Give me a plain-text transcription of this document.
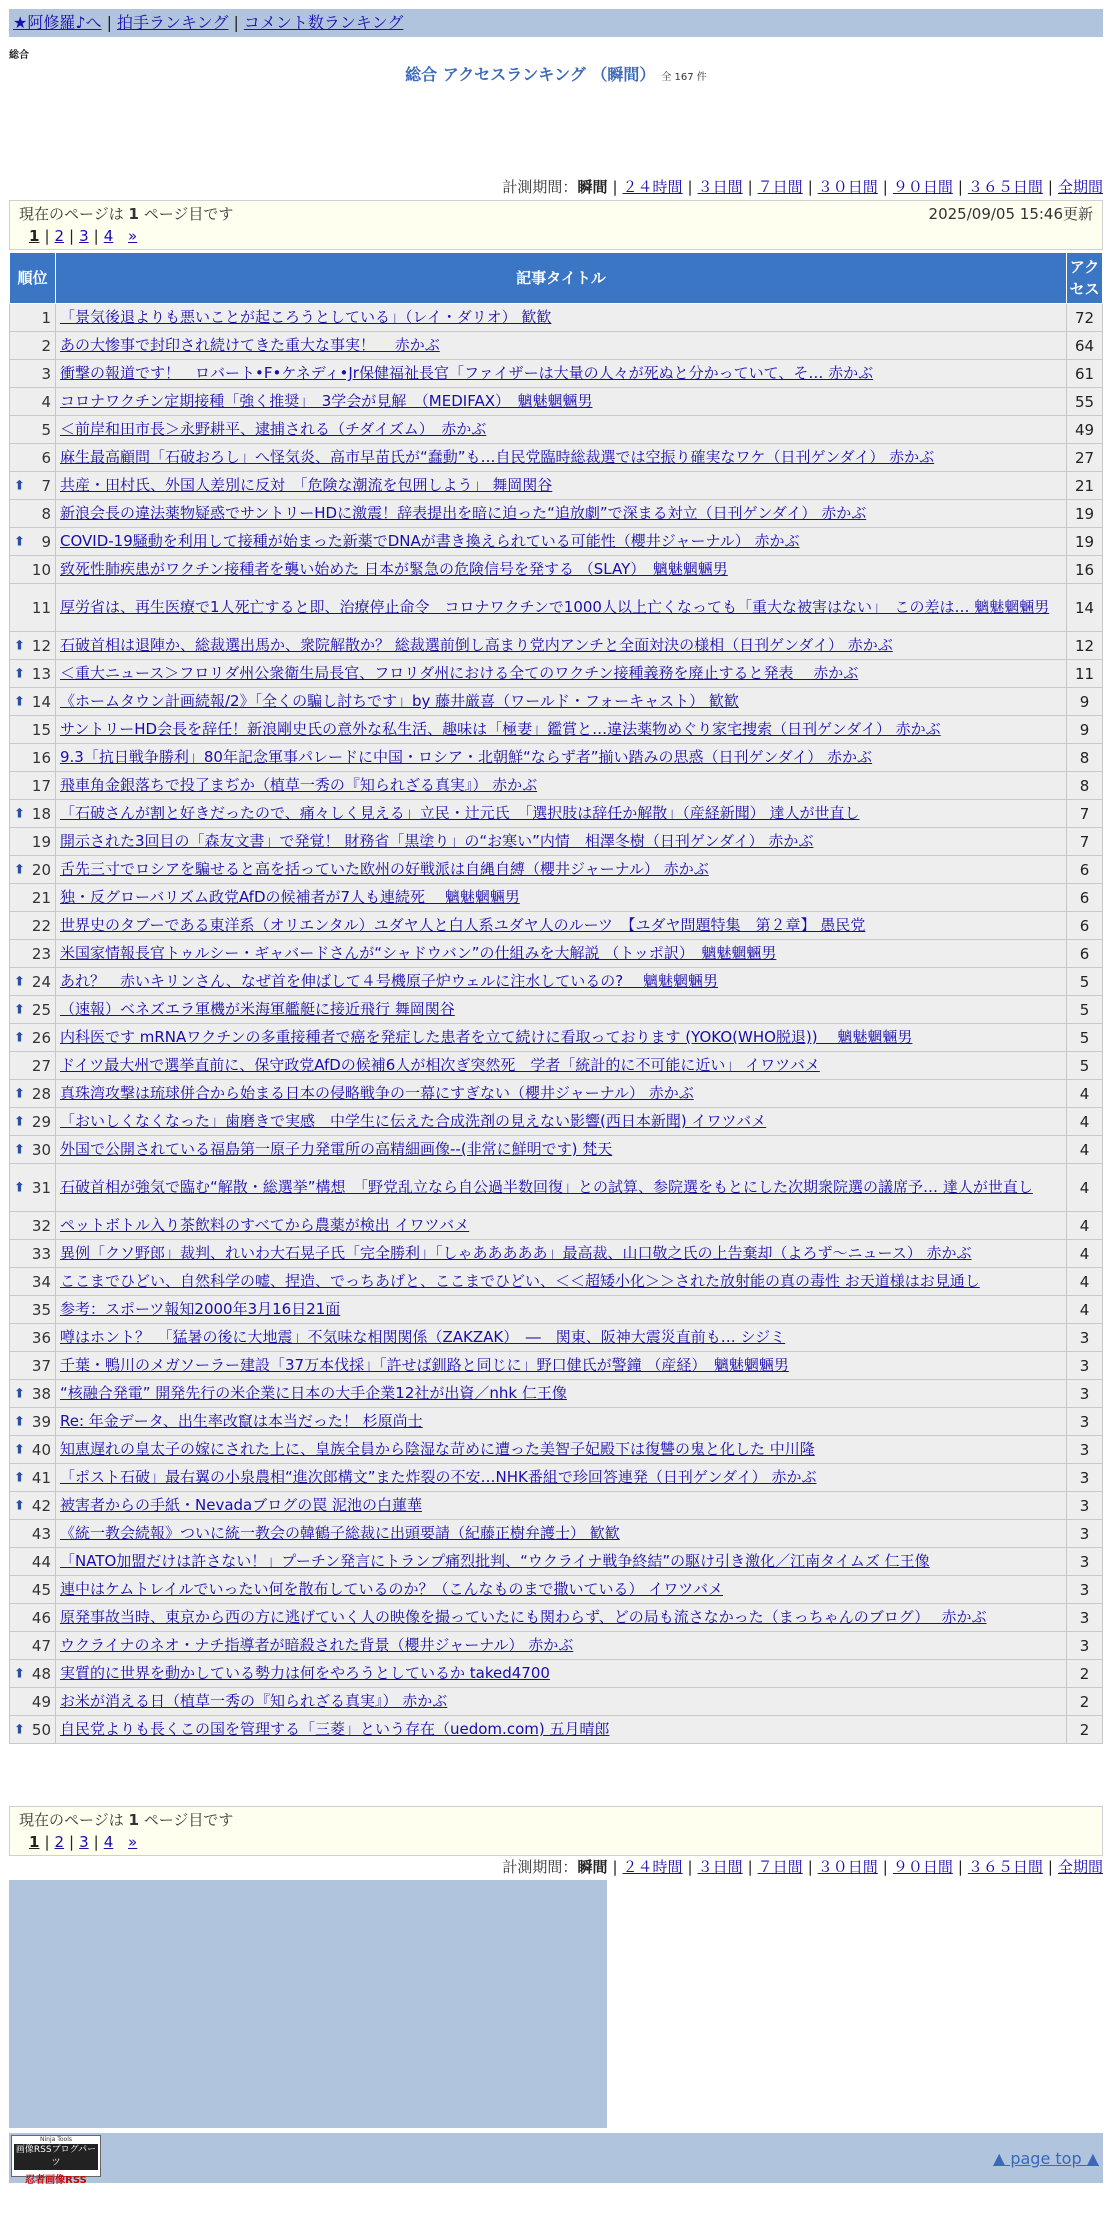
★阿修羅♪へ | 拍手ランキング | コメント数ランキング
総合
総合 アクセスランキング （瞬間） 全 167 件
計測期間：瞬間 | ２４時間 | ３日間 | ７日間 | ３０日間 | ９０日間 | ３６５日間 | 全期間
現在のページは 1 ページ目です	2025/09/05 15:46更新
1 | 2 | 3 | 4 »
順位	記事タイトル	アクセス
1	「景気後退よりも悪いことが起ころうとしている」（レイ・ダリオ） 歓歓	72
2	あの大惨事で封印され続けてきた重大な事実！　 赤かぶ	64
3	衝撃の報道です！　ロバート•F•ケネディ•Jr保健福祉長官「ファイザーは大量の人々が死ぬと分かっていて、そ… 赤かぶ	61
4	コロナワクチン定期接種「強く推奨」　3学会が見解　（MEDIFAX）　魑魅魍魎男	55
5	＜前岸和田市長＞永野耕平、逮捕される（チダイズム）　赤かぶ	49
6	麻生最高顧問「石破おろし」へ怪気炎、高市早苗氏が“蠢動”も…自民党臨時総裁選では空振り確実なワケ（日刊ゲンダイ） 赤かぶ	27

⬆ 7	共産・田村氏、外国人差別に反対　「危険な潮流を包囲しよう」 舞岡関谷	21
8	新浪会長の違法薬物疑惑でサントリーHDに激震！辞表提出を暗に迫った“追放劇”で深まる対立（日刊ゲンダイ） 赤かぶ	19

⬆ 9	COVID-19騒動を利用して接種が始まった新薬でDNAが書き換えられている可能性（櫻井ジャーナル） 赤かぶ	19
10	致死性肺疾患がワクチン接種者を襲い始めた 日本が緊急の危険信号を発する （SLAY）　魑魅魍魎男	16
11	厚労省は、再生医療で1人死亡すると即、治療停止命令　コロナワクチンで1000人以上亡くなっても「重大な被害はない」　この差は… 魑魅魍魎男	14

⬆ 12	石破首相は退陣か、総裁選出馬か、衆院解散か？ 総裁選前倒し高まり党内アンチと全面対決の様相（日刊ゲンダイ） 赤かぶ	12

⬆ 13	＜重大ニュース＞フロリダ州公衆衛生局長官、フロリダ州における全てのワクチン接種義務を廃止すると発表　 赤かぶ	11

⬆ 14	《ホームタウン計画続報/2》「全くの騙し討ちです」by 藤井厳喜（ワールド・フォーキャスト） 歓歓	9
15	サントリーHD会長を辞任！新浪剛史氏の意外な私生活、趣味は「極妻」鑑賞と…違法薬物めぐり家宅捜索（日刊ゲンダイ） 赤かぶ	9
16	9.3「抗日戦争勝利」80年記念軍事パレードに中国・ロシア・北朝鮮“ならず者”揃い踏みの思惑（日刊ゲンダイ） 赤かぶ	8
17	飛車角金銀落ちで投了まぢか（植草一秀の『知られざる真実』） 赤かぶ	8

⬆ 18	「石破さんが割と好きだったので、痛々しく見える」立民・辻元氏　「選択肢は辞任か解散」（産経新聞） 達人が世直し	7
19	開示された3回目の「森友文書」で発覚！ 財務省「黒塗り」の“お寒い”内情　相澤冬樹（日刊ゲンダイ） 赤かぶ	7

⬆ 20	舌先三寸でロシアを騙せると高を括っていた欧州の好戦派は自縄自縛（櫻井ジャーナル） 赤かぶ	6
21	独・反グローバリズム政党AfDの候補者が7人も連続死　 魑魅魍魎男	6
22	世界史のタブーである東洋系（オリエンタル）ユダヤ人と白人系ユダヤ人のルーツ　【ユダヤ問題特集　第２章】 愚民党	6
23	米国家情報長官トゥルシー・ギャバードさんが“シャドウバン”の仕組みを大解説 （トッポ訳）　魑魅魍魎男	6

⬆ 24	あれ？　赤いキリンさん、なぜ首を伸ばして４号機原子炉ウェルに注水しているの?　 魑魅魍魎男	5

⬆ 25	（速報）ベネズエラ軍機が米海軍艦艇に接近飛行 舞岡関谷	5

⬆ 26	内科医です mRNAワクチンの多重接種者で癌を発症した患者を立て続けに看取っております (YOKO(WHO脱退))　 魑魅魍魎男	5
27	ドイツ最大州で選挙直前に、保守政党AfDの候補6人が相次ぎ突然死　学者「統計的に不可能に近い」 イワツバメ	5

⬆ 28	真珠湾攻撃は琉球併合から始まる日本の侵略戦争の一幕にすぎない（櫻井ジャーナル） 赤かぶ	4

⬆ 29	「おいしくなくなった」歯磨きで実感　中学生に伝えた合成洗剤の見えない影響(西日本新聞) イワツバメ	4

⬆ 30	外国で公開されている福島第一原子力発電所の高精細画像--(非常に鮮明です) 梵天	4

⬆ 31	石破首相が強気で臨む“解散・総選挙”構想　「野党乱立なら自公過半数回復」との試算、参院選をもとにした次期衆院選の議席予… 達人が世直し	4
32	ペットボトル入り茶飲料のすべてから農薬が検出 イワツバメ	4
33	異例「クソ野郎」裁判、れいわ大石晃子氏「完全勝利」「しゃあああああ」最高裁、山口敬之氏の上告棄却（よろず〜ニュース） 赤かぶ	4
34	ここまでひどい、自然科学の嘘、捏造、でっちあげと、ここまでひどい、＜＜超矮小化＞＞された放射能の真の毒性 お天道様はお見通し	4
35	参考：スポーツ報知2000年3月16日21面	4
36	噂はホント？　「猛暑の後に大地震」不気味な相関関係（ZAKZAK）　―　関東、阪神大震災直前も… シジミ	3
37	千葉・鴨川のメガソーラー建設「37万本伐採」「許せば釧路と同じに」野口健氏が警鐘 （産経）　魑魅魍魎男	3

⬆ 38	“核融合発電” 開発先行の米企業に日本の大手企業12社が出資／nhk 仁王像	3

⬆ 39	Re: 年金データ、出生率改竄は本当だった！ 杉原尚士	3

⬆ 40	知恵遅れの皇太子の嫁にされた上に、皇族全員から陰湿な苛めに遭った美智子妃殿下は復讐の鬼と化した 中川隆	3

⬆ 41	「ポスト石破」最右翼の小泉農相“進次郎構文”また炸裂の不安…NHK番組で珍回答連発（日刊ゲンダイ） 赤かぶ	3

⬆ 42	被害者からの手紙・Nevadaブログの罠 泥池の白蓮華	3
43	《統一教会続報》ついに統一教会の韓鶴子総裁に出頭要請（紀藤正樹弁護士） 歓歓	3
44	「NATO加盟だけは許さない！」プーチン発言にトランプ痛烈批判、“ウクライナ戦争終結”の駆け引き激化／江南タイムズ 仁王像	3
45	連中はケムトレイルでいったい何を散布しているのか？（こんなものまで撒いている） イワツバメ	3
46	原発事故当時、東京から西の方に逃げていく人の映像を撮っていたにも関わらず、どの局も流さなかった（まっちゃんのブログ）　 赤かぶ	3
47	ウクライナのネオ・ナチ指導者が暗殺された背景（櫻井ジャーナル） 赤かぶ	3

⬆ 48	実質的に世界を動かしている勢力は何をやろうとしているか taked4700	2
49	お米が消える日（植草一秀の『知られざる真実』） 赤かぶ	2

⬆ 50	自民党よりも長くこの国を管理する「三菱」という存在（uedom.com) 五月晴郎	2
現在のページは 1 ページ目です
1 | 2 | 3 | 4 »
計測期間：瞬間 | ２４時間 | ３日間 | ７日間 | ３０日間 | ９０日間 | ３６５日間 | 全期間
Ninja Tools
画像RSSブログパーツ
忍者画像RSS
▲ page top ▲
